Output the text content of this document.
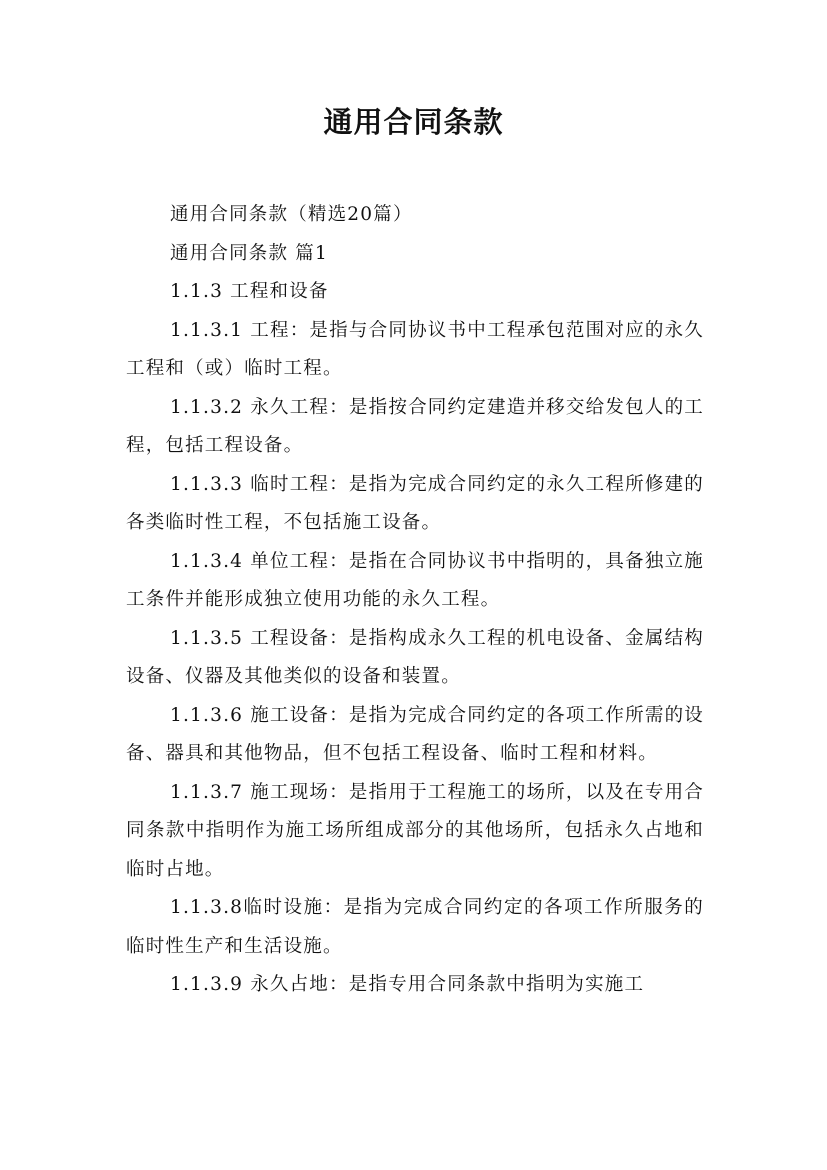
通用合同条款

通用合同条款（精选20篇）

通用合同条款 篇1

1.1.3 工程和设备

1.1.3.1 工程：是指与合同协议书中工程承包范围对应的永久工程和（或）临时工程。

1.1.3.2 永久工程：是指按合同约定建造并移交给发包人的工程，包括工程设备。

1.1.3.3 临时工程：是指为完成合同约定的永久工程所修建的各类临时性工程，不包括施工设备。

1.1.3.4 单位工程：是指在合同协议书中指明的，具备独立施工条件并能形成独立使用功能的永久工程。

1.1.3.5 工程设备：是指构成永久工程的机电设备、金属结构设备、仪器及其他类似的设备和装置。

1.1.3.6 施工设备：是指为完成合同约定的各项工作所需的设备、器具和其他物品，但不包括工程设备、临时工程和材料。

1.1.3.7 施工现场：是指用于工程施工的场所，以及在专用合同条款中指明作为施工场所组成部分的其他场所，包括永久占地和临时占地。

1.1.3.8临时设施：是指为完成合同约定的各项工作所服务的临时性生产和生活设施。

1.1.3.9 永久占地：是指专用合同条款中指明为实施工
